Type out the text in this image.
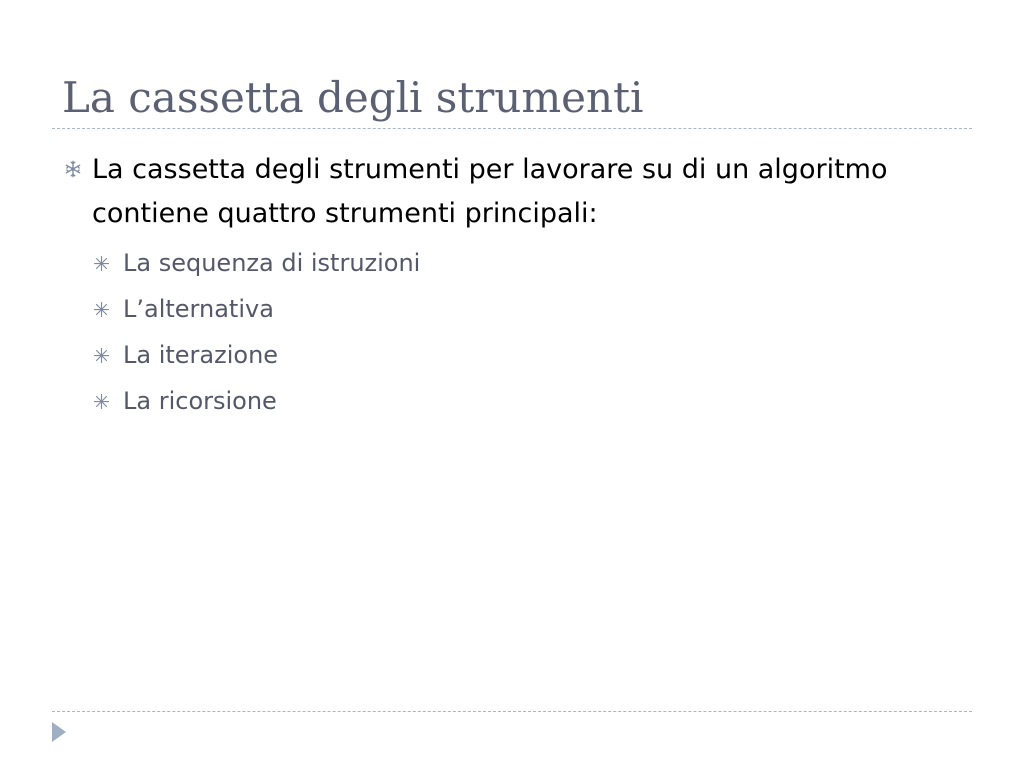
La cassetta degli strumenti
La cassetta degli strumenti per lavorare su di un algoritmo contiene quattro strumenti principali:
La sequenza di istruzioni
L’alternativa
La iterazione
La ricorsione
